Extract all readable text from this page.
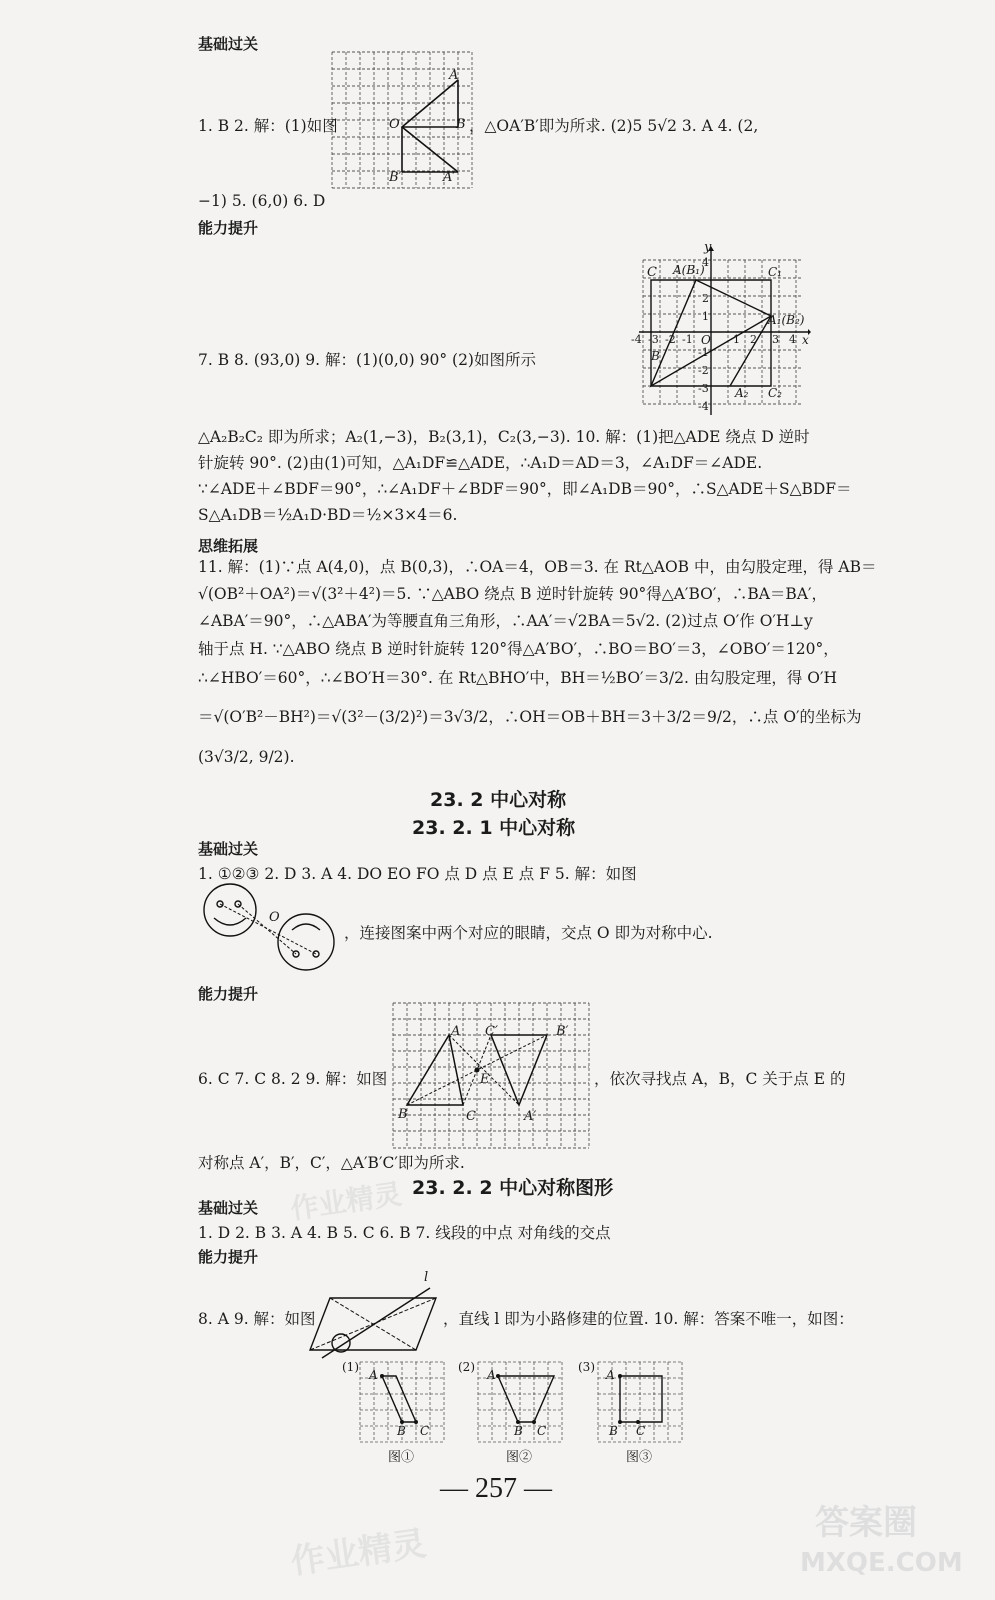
基础过关
能力提升
思维拓展
基础过关
能力提升
基础过关
能力提升
A
O	B
B′	A′
1. B 2. 解：(1)如图	，△OA′B′即为所求. (2)5 5√2 3. A 4. (2,
−1) 5. (6,0) 6. D
y
C A(B₁)	C₁
A₁(B₂)
O	x
B
A₂ C₂
-4 -3 -2 -1	1 2 3 4
4
2
1
-1
-2
-3
-4
7. B 8. (93,0) 9. 解：(1)(0,0) 90° (2)如图所示
△A₂B₂C₂ 即为所求；A₂(1,−3)，B₂(3,1)，C₂(3,−3). 10. 解：(1)把△ADE 绕点 D 逆时
针旋转 90°. (2)由(1)可知，△A₁DF≌△ADE，∴A₁D＝AD＝3，∠A₁DF＝∠ADE.
∵∠ADE＋∠BDF＝90°，∴∠A₁DF＋∠BDF＝90°，即∠A₁DB＝90°，∴S△ADE＋S△BDF＝
S△A₁DB＝½A₁D·BD＝½×3×4＝6.
11. 解：(1)∵点 A(4,0)，点 B(0,3)，∴OA＝4，OB＝3. 在 Rt△AOB 中，由勾股定理，得 AB＝
√(OB²＋OA²)＝√(3²＋4²)＝5. ∵△ABO 绕点 B 逆时针旋转 90°得△A′BO′，∴BA＝BA′，
∠ABA′＝90°，∴△ABA′为等腰直角三角形，∴AA′＝√2BA＝5√2. (2)过点 O′作 O′H⊥y
轴于点 H. ∵△ABO 绕点 B 逆时针旋转 120°得△A′BO′，∴BO＝BO′＝3，∠OBO′＝120°，
∴∠HBO′＝60°，∴∠BO′H＝30°. 在 Rt△BHO′中，BH＝½BO′＝3/2. 由勾股定理，得 O′H
＝√(O′B²－BH²)＝√(3²－(3/2)²)＝3√3/2，∴OH＝OB＋BH＝3＋3/2＝9/2，∴点 O′的坐标为
(3√3/2, 9/2).
23. 2 中心对称
23. 2. 1 中心对称
1. ①②③ 2. D 3. A 4. DO EO FO 点 D 点 E 点 F 5. 解：如图
O
，连接图案中两个对应的眼睛，交点 O 即为对称中心.
A C′	B′
E
B	C	A′
6. C 7. C 8. 2 9. 解：如图	，依次寻找点 A，B，C 关于点 E 的
对称点 A′，B′，C′，△A′B′C′即为所求.
23. 2. 2 中心对称图形
1. D 2. B 3. A 4. B 5. C 6. B 7. 线段的中点 对角线的交点
l
8. A 9. 解：如图	，直线 l 即为小路修建的位置. 10. 解：答案不唯一，如图：
(1)	(2)	(3)
A
B C
A
B C
A
B C
图①	图②	图③
— 257 —
作业精灵
作业精灵
答案圈
MXQE.COM
